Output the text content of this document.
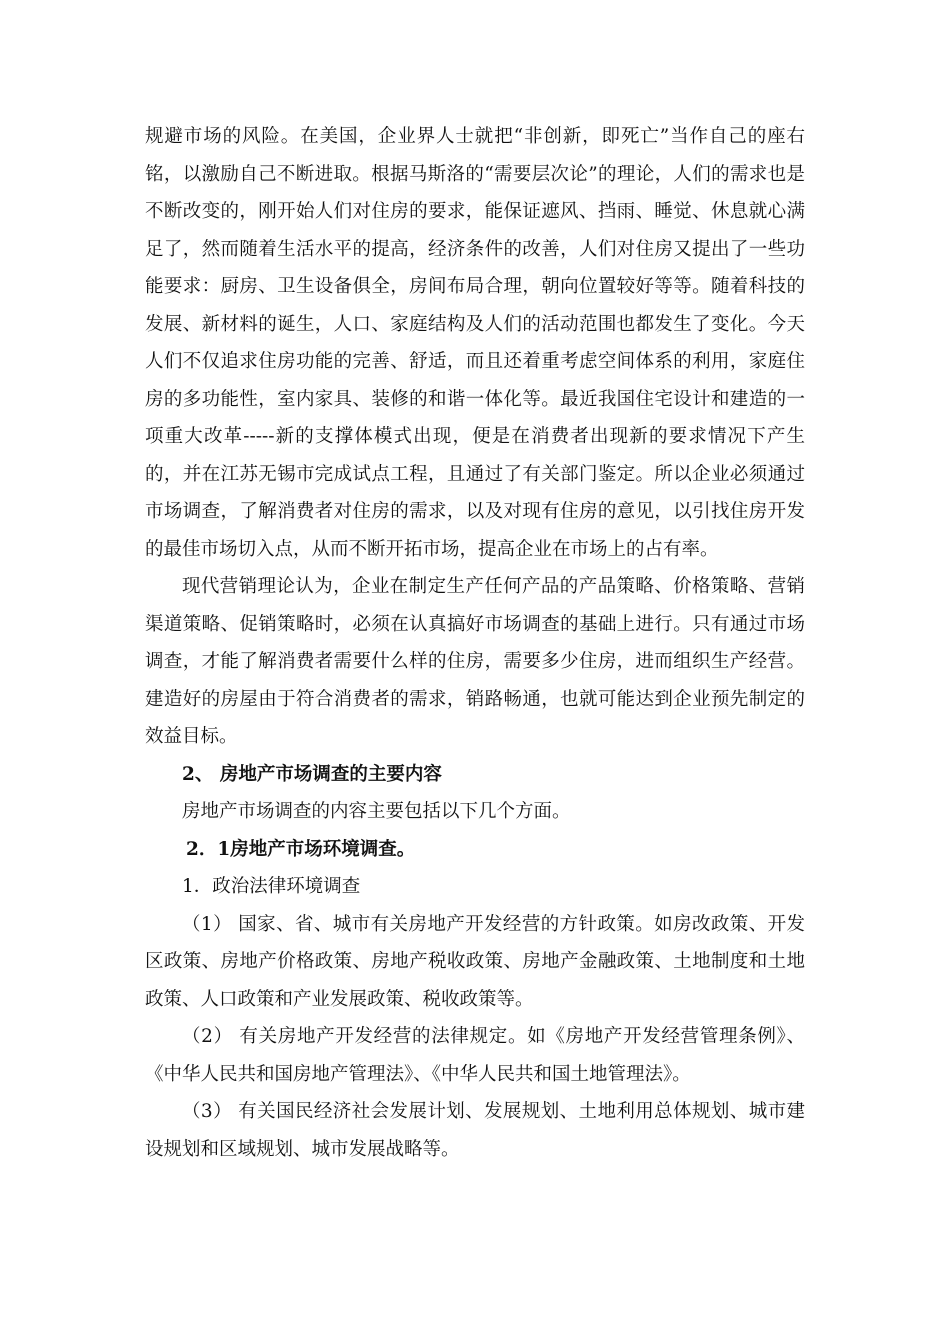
规避市场的风险。在美国，企业界人士就把“非创新，即死亡”当作自己的座右铭，以激励自己不断进取。根据马斯洛的“需要层次论”的理论，人们的需求也是不断改变的，刚开始人们对住房的要求，能保证遮风、挡雨、睡觉、休息就心满足了，然而随着生活水平的提高，经济条件的改善，人们对住房又提出了一些功能要求：厨房、卫生设备俱全，房间布局合理，朝向位置较好等等。随着科技的发展、新材料的诞生，人口、家庭结构及人们的活动范围也都发生了变化。今天人们不仅追求住房功能的完善、舒适，而且还着重考虑空间体系的利用，家庭住房的多功能性，室内家具、装修的和谐一体化等。最近我国住宅设计和建造的一项重大改革-----新的支撑体模式出现，便是在消费者出现新的要求情况下产生的，并在江苏无锡市完成试点工程，且通过了有关部门鉴定。所以企业必须通过市场调查，了解消费者对住房的需求，以及对现有住房的意见，以引找住房开发的最佳市场切入点，从而不断开拓市场，提高企业在市场上的占有率。

现代营销理论认为，企业在制定生产任何产品的产品策略、价格策略、营销渠道策略、促销策略时，必须在认真搞好市场调查的基础上进行。只有通过市场调查，才能了解消费者需要什么样的住房，需要多少住房，进而组织生产经营。建造好的房屋由于符合消费者的需求，销路畅通，也就可能达到企业预先制定的效益目标。

2、 房地产市场调查的主要内容

房地产市场调查的内容主要包括以下几个方面。

2．1房地产市场环境调查。

1．政治法律环境调查

（1） 国家、省、城市有关房地产开发经营的方针政策。如房改政策、开发区政策、房地产价格政策、房地产税收政策、房地产金融政策、土地制度和土地政策、人口政策和产业发展政策、税收政策等。

（2） 有关房地产开发经营的法律规定。如《房地产开发经营管理条例》、《中华人民共和国房地产管理法》、《中华人民共和国土地管理法》。

（3） 有关国民经济社会发展计划、发展规划、土地利用总体规划、城市建设规划和区域规划、城市发展战略等。
